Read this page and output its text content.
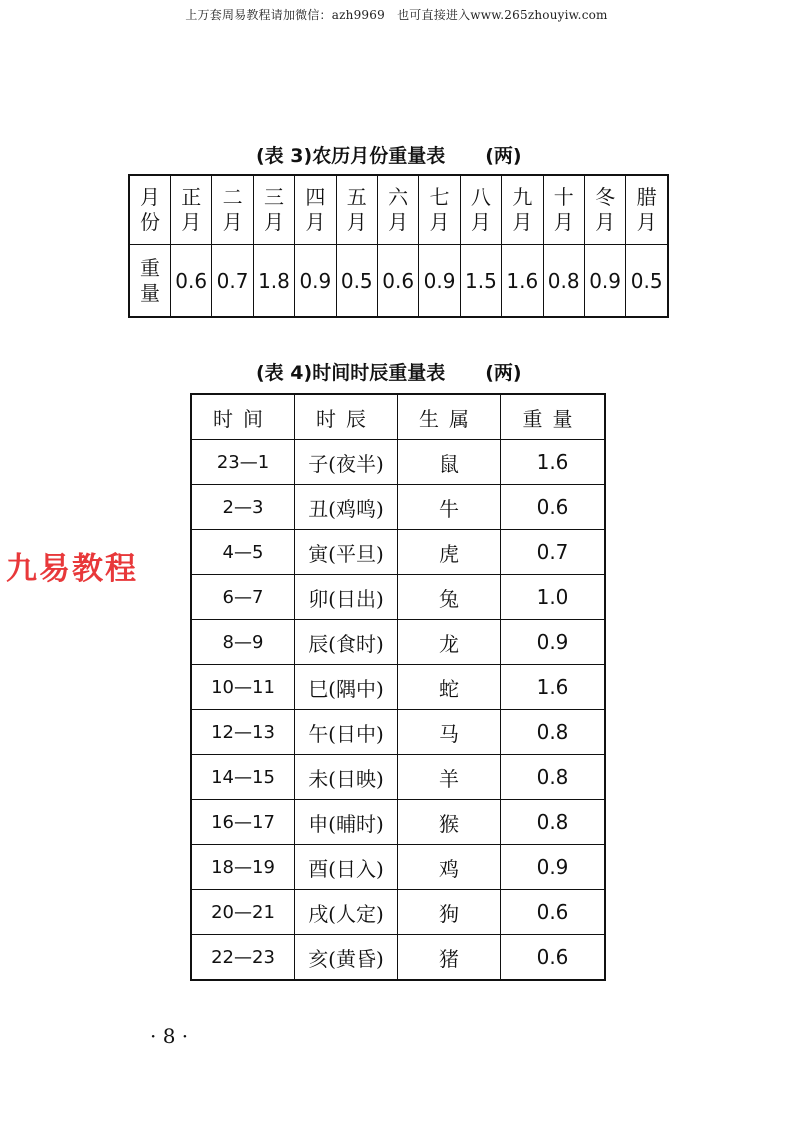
上万套周易教程请加微信：azh9969　也可直接进入www.265zhouyiw.com
(表 3)农历月份重量表 (两)
月份	正月	二月	三月	四月	五月	六月	七月	八月	九月	十月	冬月	腊月
重量	0.6	0.7	1.8	0.9	0.5	0.6	0.9	1.5	1.6	0.8	0.9	0.5
(表 4)时间时辰重量表 (两)
时间	时辰	生属	重量
23—1	子(夜半)	鼠	1.6
2—3	丑(鸡鸣)	牛	0.6
4—5	寅(平旦)	虎	0.7
6—7	卯(日出)	兔	1.0
8—9	辰(食时)	龙	0.9
10—11	巳(隅中)	蛇	1.6
12—13	午(日中)	马	0.8
14—15	未(日映)	羊	0.8
16—17	申(晡时)	猴	0.8
18—19	酉(日入)	鸡	0.9
20—21	戌(人定)	狗	0.6
22—23	亥(黄昏)	猪	0.6
九易教程
· 8 ·
